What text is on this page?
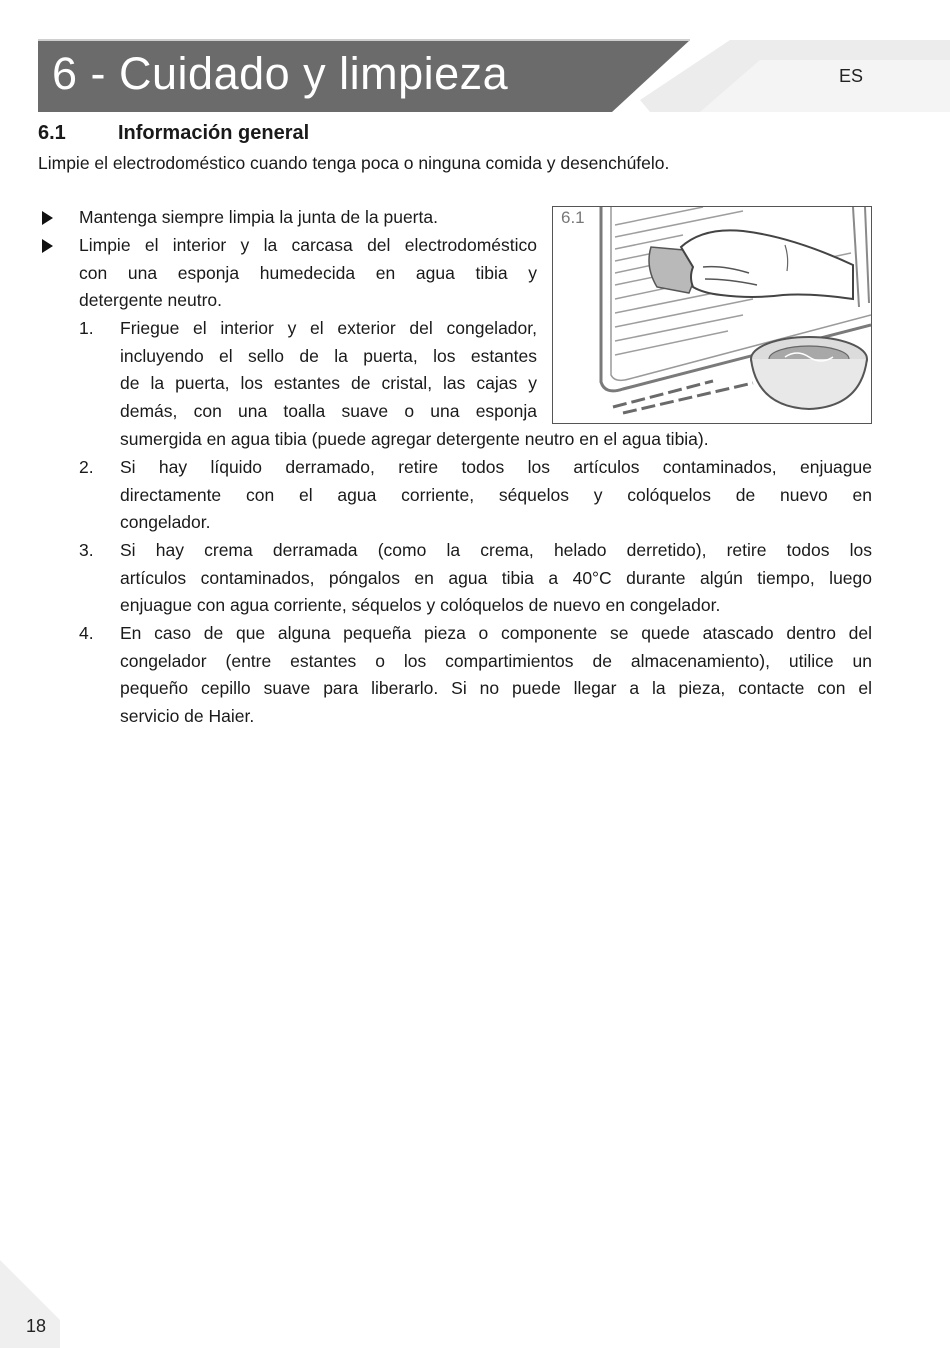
6 - Cuidado y limpieza	ES
6.1	Información general
Limpie el electrodoméstico cuando tenga poca o ninguna comida y desenchúfelo.
Mantenga siempre limpia la junta de la puerta.
Limpie el interior y la carcasa del electrodoméstico
con una esponja humedecida en agua tibia y
detergente neutro.
1. Friegue el interior y el exterior del congelador,
incluyendo el sello de la puerta, los estantes
de la puerta, los estantes de cristal, las cajas y
demás, con una toalla suave o una esponja
sumergida en agua tibia (puede agregar detergente neutro en el agua tibia).
2. Si hay líquido derramado, retire todos los artículos contaminados, enjuague
directamente con el agua corriente, séquelos y colóquelos de nuevo en
congelador.
3. Si hay crema derramada (como la crema, helado derretido), retire todos los
artículos contaminados, póngalos en agua tibia a 40°C durante algún tiempo, luego
enjuague con agua corriente, séquelos y colóquelos de nuevo en congelador.
4. En caso de que alguna pequeña pieza o componente se quede atascado dentro del
congelador (entre estantes o los compartimientos de almacenamiento), utilice un
pequeño cepillo suave para liberarlo. Si no puede llegar a la pieza, contacte con el
servicio de Haier.
6.1
18
